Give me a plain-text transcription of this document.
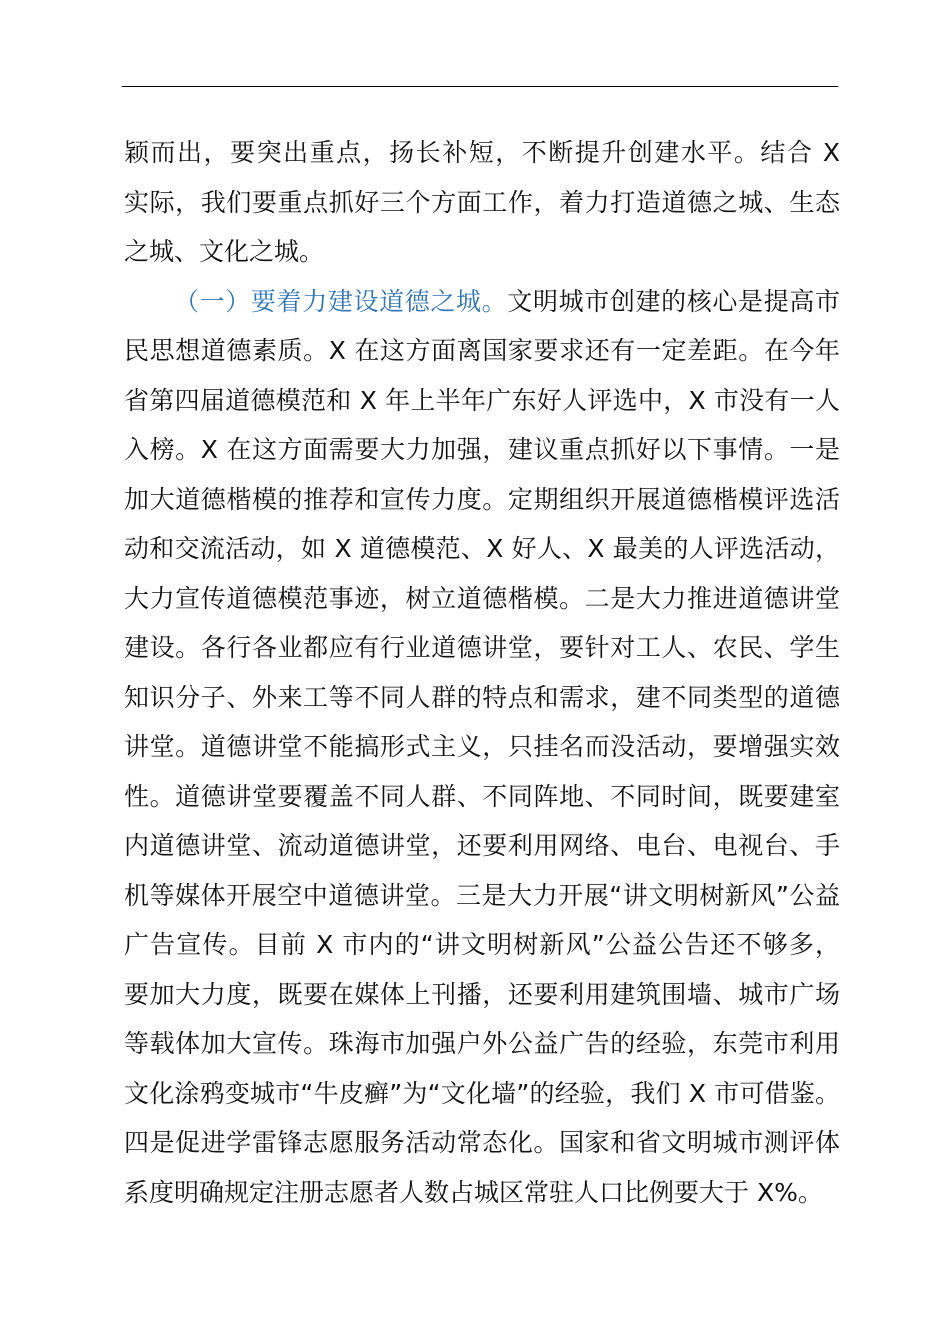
颖而出，要突出重点，扬长补短，不断提升创建水平。结合 X
实际，我们要重点抓好三个方面工作，着力打造道德之城、生态
之城、文化之城。
（一）要着力建设道德之城。文明城市创建的核心是提高市
民思想道德素质。X 在这方面离国家要求还有一定差距。在今年
省第四届道德模范和 X 年上半年广东好人评选中，X 市没有一人
入榜。X 在这方面需要大力加强，建议重点抓好以下事情。一是
加大道德楷模的推荐和宣传力度。定期组织开展道德楷模评选活
动和交流活动，如 X 道德模范、X 好人、X 最美的人评选活动，
大力宣传道德模范事迹，树立道德楷模。二是大力推进道德讲堂
建设。各行各业都应有行业道德讲堂，要针对工人、农民、学生
知识分子、外来工等不同人群的特点和需求，建不同类型的道德
讲堂。道德讲堂不能搞形式主义，只挂名而没活动，要增强实效
性。道德讲堂要覆盖不同人群、不同阵地、不同时间，既要建室
内道德讲堂、流动道德讲堂，还要利用网络、电台、电视台、手
机等媒体开展空中道德讲堂。三是大力开展“讲文明树新风”公益
广告宣传。目前 X 市内的“讲文明树新风”公益公告还不够多，
要加大力度，既要在媒体上刊播，还要利用建筑围墙、城市广场
等载体加大宣传。珠海市加强户外公益广告的经验，东莞市利用
文化涂鸦变城市“牛皮癣”为“文化墙”的经验，我们 X 市可借鉴。
四是促进学雷锋志愿服务活动常态化。国家和省文明城市测评体
系度明确规定注册志愿者人数占城区常驻人口比例要大于 X%。
